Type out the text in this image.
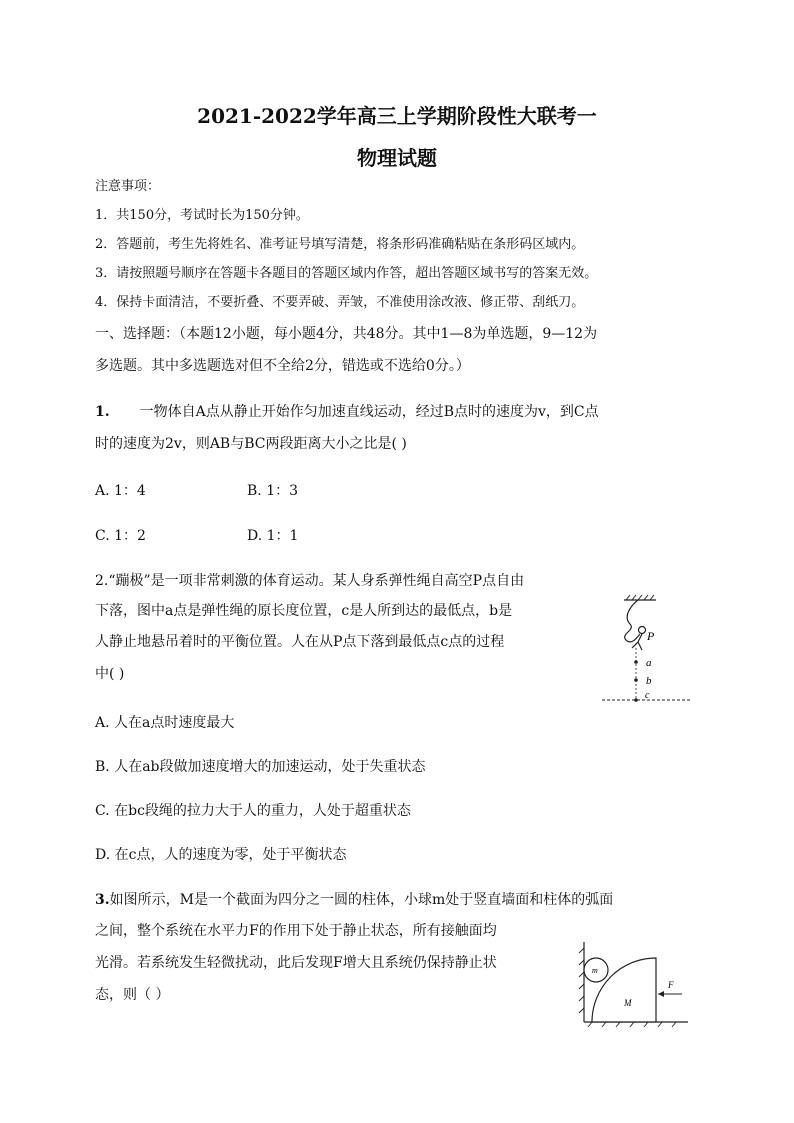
2021-2022学年高三上学期阶段性大联考一
物理试题
注意事项：
1．共150分，考试时长为150分钟。
2．答题前，考生先将姓名、准考证号填写清楚，将条形码准确粘贴在条形码区域内。
3．请按照题号顺序在答题卡各题目的答题区域内作答，超出答题区域书写的答案无效。
4．保持卡面清洁，不要折叠、不要弄破、弄皱，不准使用涂改液、修正带、刮纸刀。
一、选择题：（本题12小题，每小题4分，共48分。其中1—8为单选题，9—12为
多选题。其中多选题选对但不全给2分，错选或不选给0分。）
1. 一物体自A点从静止开始作匀加速直线运动，经过B点时的速度为v，到C点
时的速度为2v，则AB与BC两段距离大小之比是( )
A. 1：4	B. 1：3
C. 1：2	D. 1：1
2.“蹦极”是一项非常刺激的体育运动。某人身系弹性绳自高空P点自由
下落，图中a点是弹性绳的原长度位置，c是人所到达的最低点，b是
人静止地悬吊着时的平衡位置。人在从P点下落到最低点c点的过程
中( )
A. 人在a点时速度最大
B. 人在ab段做加速度增大的加速运动，处于失重状态
C. 在bc段绳的拉力大于人的重力，人处于超重状态
D. 在c点，人的速度为零，处于平衡状态
P
a
b
c
3.如图所示，M是一个截面为四分之一圆的柱体，小球m处于竖直墙面和柱体的弧面
之间，整个系统在水平力F的作用下处于静止状态，所有接触面均
光滑。若系统发生轻微扰动，此后发现F增大且系统仍保持静止状
态，则（ ）
m
M
F
